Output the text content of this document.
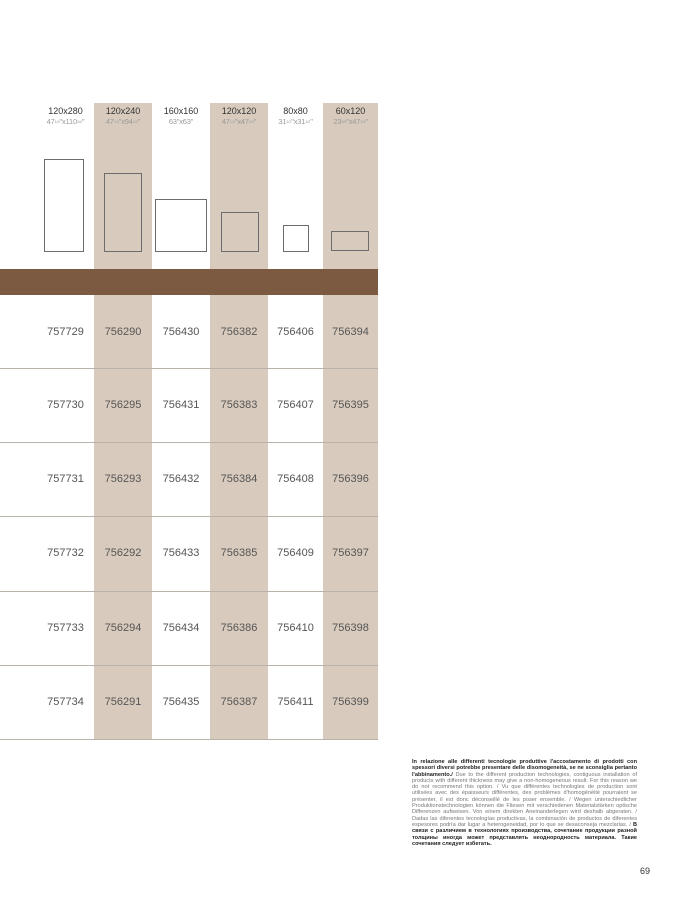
120x280
$47^{1/4}"x110^{1/4}$"
757729
757730
757731
757732
757733
757734
120x240
$47^{1/4}"x94^{1/2}$"
756290
756295
756293
756292
756294
756291
160x160
63"x63"
756430
756431
756432
756433
756434
756435
120x120
$47^{1/4}"x47^{1/4}$"
756382
756383
756384
756385
756386
756387
80x80
$31^{1/2}"x31^{1/2}$"
756406
756407
756408
756409
756410
756411
60x120
$23^{5/8}"x47^{1/4}$"
756394
756395
756396
756397
756398
756399
In relazione alle differenti tecnologie produttive l'accostamento di prodotti con spessori diversi potrebbe presentare delle disomogeneità, se ne sconsiglia pertanto l'abbinamento./ Due to the different production technologies, contiguous installation of products with different thickness may give a non-homogeneous result. For this reason we do not recommend this option. / Vu que différentes technologies de production sont utilisées avec des épaisseurs différentes, des problèmes d'homogénéité pourraient se présenter, il est donc déconseillé de les poser ensemble. / Wegen unterschiedlicher Produktionstechnologien können die Fliesen mit verschiedenen Materialstärken optische Differenzen aufweisen. Von einem direkten Aneinanderlegen wird deshalb abgeraten. / Dadas las diferentes tecnologías productivas, la combinación de productos de diferentes espesores podría dar lugar a heterogeneidad, por lo que se desaconseja mezclarlas. / В связи с различием в технологиях производства, сочетание продукции разной толщины иногда может представлять неоднородность материала. Такие сочетания следует избегать.
69
